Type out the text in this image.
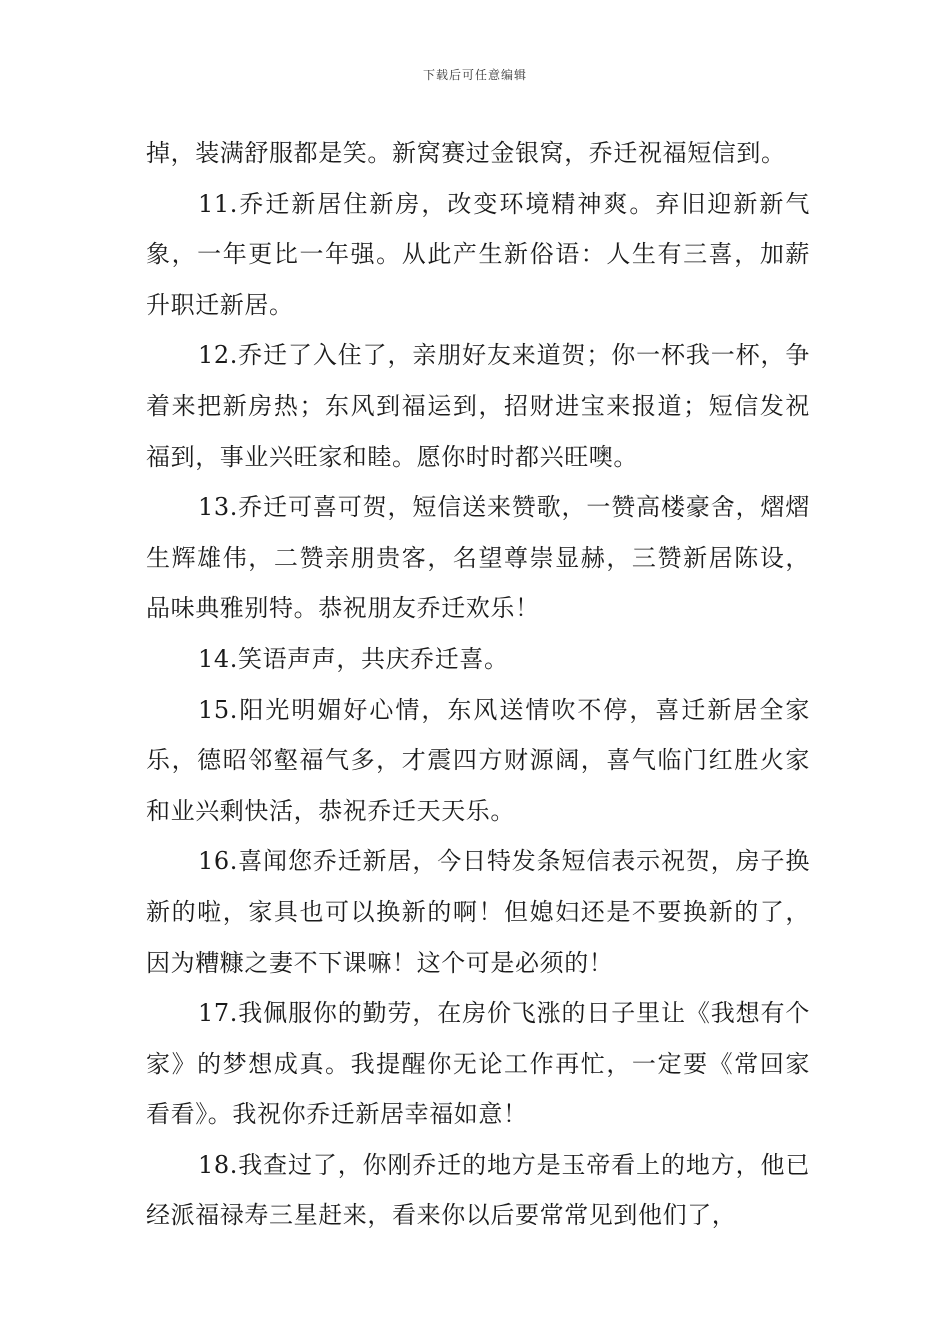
下载后可任意编辑

掉，装满舒服都是笑。新窝赛过金银窝，乔迁祝福短信到。

11.乔迁新居住新房，改变环境精神爽。弃旧迎新新气象，一年更比一年强。从此产生新俗语：人生有三喜，加薪升职迁新居。

12.乔迁了入住了，亲朋好友来道贺；你一杯我一杯，争着来把新房热；东风到福运到，招财进宝来报道；短信发祝福到，事业兴旺家和睦。愿你时时都兴旺噢。

13.乔迁可喜可贺，短信送来赞歌，一赞高楼豪舍，熠熠生辉雄伟，二赞亲朋贵客，名望尊崇显赫，三赞新居陈设，品味典雅别特。恭祝朋友乔迁欢乐！

14.笑语声声，共庆乔迁喜。

15.阳光明媚好心情，东风送情吹不停，喜迁新居全家乐，德昭邻壑福气多，才震四方财源阔，喜气临门红胜火家和业兴剩快活，恭祝乔迁天天乐。

16.喜闻您乔迁新居，今日特发条短信表示祝贺，房子换新的啦，家具也可以换新的啊！但媳妇还是不要换新的了，因为糟糠之妻不下课嘛！这个可是必须的！

17.我佩服你的勤劳，在房价飞涨的日子里让《我想有个家》的梦想成真。我提醒你无论工作再忙，一定要《常回家看看》。我祝你乔迁新居幸福如意！

18.我查过了，你刚乔迁的地方是玉帝看上的地方，他已经派福禄寿三星赶来，看来你以后要常常见到他们了，
